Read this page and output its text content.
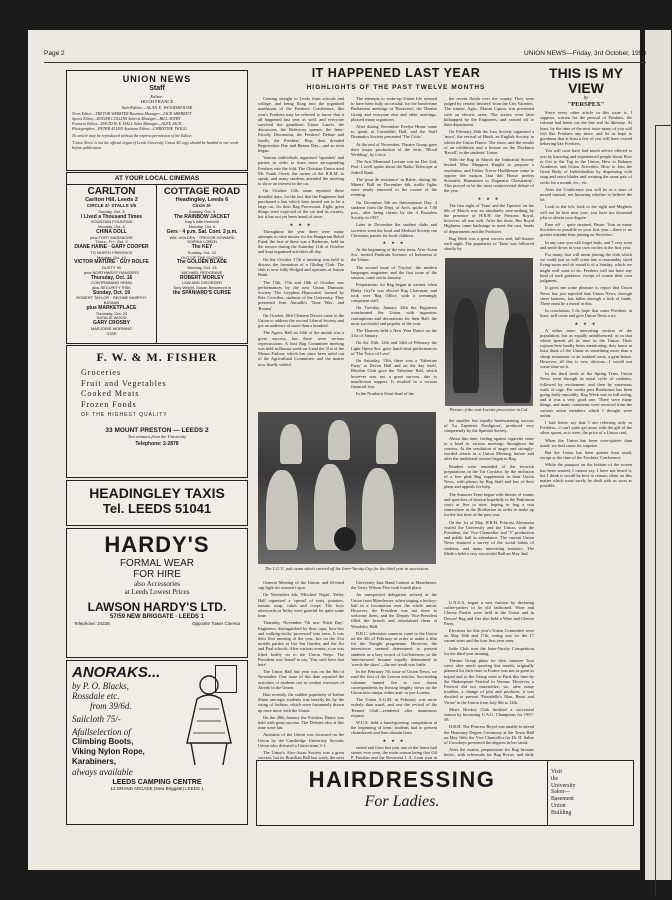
Page 2	UNION NEWS—Friday, 3rd October, 1958
UNION NEWS
Staff
Editor:
HUGH FRANCE
Sub-Editor—ALAN E. WOODHOUSE
News Editor—TREVOR WEBSTER Business Manager—JACK SHERRITT
Sports Editor—ROGER COLLINS Adverts Manager—BILL AVERY
Features Editor—DAVID W. E. HALL Sales Manager—ALEX JACK
Photographer—PETER ALLEN Assistant Editor—CHRISTINE TWIGG
No article may be reproduced without the express permission of the Editor.
'Union News' is not the official organ of Leeds University Union All copy should be handed in one week before publication
AT YOUR LOCAL CINEMAS
CARLTON
Carlton Hill, Leeds 2
CIRCLE 2/- STALLS 1/6
Sunday, Oct. 5
I Lived a Thousand Times
HOUNTAIN FOUNTAIN
Monday, Oct. 6
CHINA DOLL
plus FORT MASSACRE
Thurs., Fri., Oct. 9
DIANE HAINE · GARY COOPER
TO NORTH FREDRICK
Monday, Oct. 13
VICTOR MATURE · GUY ROLFE
DUSTY 90
plus NORTHWEST RANGERS
Thursday, Oct. 16
CONTRABAND SPAIN
plus SECURITY RISK
Sunday, Oct. 19
ROBERT TAYLOR · REGINE MURPHY
BATAAN
plus MARKETPLACE
Thursday, Oct. 23
NATALIE WOOD
GARY CROSBY
MARJORIE MORNING
STAR
COTTAGE ROAD
Headingley, Leeds 6
Circle 3/-
Sunday, Oct. 5
The RAINBOW JACKET
Kay's with Kenneth
Monday, Oct. 6
Gers · 4 p.m. Sat. Cont. 2 p.m.
WM. HOLDEN · TREVOR HOWARD
SOPHIA LOREN
The KEY
Sunday, Oct. 12
OUT OF THE CLOUDS
The GOLDEN BLADE
Monday, Oct. 13
MICHAEL REDGRAVE
ROBERT MORLEY
LAW AND DISORDER
Tony Wright, Susan Beaumont in
the SPANIARD'S CURSE
F. W. & M. FISHER
Groceries
Fruit and Vegetables
Cooked Meats
Frozen Foods
OF THE HIGHEST QUALITY
33 MOUNT PRESTON — LEEDS 2
Two minutes from the University
Telephone: 2-2878
HEADINGLEY TAXIS
Tel. LEEDS 51041
HARDY'S
FORMAL WEAR
FOR HIRE
also Accessories
at Leeds Lowest Prices
LAWSON HARDY'S LTD.
57/59 NEW BRIGGATE · LEEDS 1
Telephone: 24226	Opposite Tower Cinema
ANORAKS...
by P. O. Blacks,
Rossdale etc.
from 39/6d.
Sailcloth 75/-
Afullselection of
Climbing Boots,
Viking Nylon Rope,
Karabiners,
always available
LEEDS CAMPING CENTRE
12 GRAND ARCADE (New Briggate) LEEDS 1
IT HAPPENED LAST YEAR
HIGHLIGHTS OF THE PAST TWELVE MONTHS

Coming straight to Leeds from schools and college, and being flung into the organised maelstrom of the Freshers' Conference, this year's Freshers may be relieved to know that it all happened last year as well, and everyone survived the grandiose Union Lunch, the discussion, the Refectory queues, the Inter-Faculty Discussion, the Freshers' Debate and finally the Freshers' Hop; then dreaded Registration Day and Bazaar Day—and so term began.

Various individuals organised 'squashes' and parties in order to learn more aerosponding Freshers into the fold. The Christian Union used Mr. Frank Owen, the owner of the R.R.M. to speak, and many students attended the meeting to show an interest in the car.

On October 11th came reported those dreadful days, for the fact that the Engineers had purchased a bus which later turned out to be a large car, for their Rag Procession. Eight, great things were expected of the car and its owners, but it has not yet been heard of since.

★ ★ ★

Throughout the year there were many attempts to raise money for the Hungarian Relief Fund; the first of these was a Barbecue, held on the terrace during the Saturday 11th of October and kept organised activities all day.

On the October 17th a meeting was held to discuss the formation of a Gliding Club. The club is now fully-fledged and operates at Sutton Bank.

The 15th, 17th and 18th of October saw performances by the new Union Dramatic Society 'The Gryphon Hypocrites' formed by Pete Crowther, students of the University. They presented Jean Anouilh's 'Time Was', and 'Rooms'.

On October 18th Clement Davies came to the Union to address the second Liberal Society and got an audience of more than a hundred.

The Agrics Ball on 24th of the month was a great success, but there were serious repercussions. A first Rag Committee meeting was held in Bazaar week on 3 and the 31st of the Mount Parlour, which has since been ruled out of the Agricultural Committee, and the matter now finally settled.

The attempts to wake-up Union life seemed to have been fully successful, for the lunch-time Parliament meetings of 'Rosecean', the Theatre Group and everyone else and other meetings, pleased many organisers.

After during November Evelyn Home came to speak at Cavendish Hall, and the Staff Dramatics Society presented 'The Critic'.

At the end of November, Theatre Group gave their major production of the term, 'Blood Wedding', by Lorca.

The Arts Memorial Lecture was on Dec 2nd, Prof. Lovell spoke about the Radio Telescope at Jodrell Bank.

The 'pour de resistance' in Rabie, during the Miners' Ball on December 6th, traffic lights were nearly removed to the course of the evening.

On December 9th an International Day, 4 students from the Dept. of Arch. spoke at 7.00 p.m., after being rhyme by the 4 Pounders Society in 1957.

Later in December the student clubs and societies went the local and Medical Society ran Christmas parties for local children.

★ ★ ★

At the beginning of the new term, Afro-Asian Soc. invited Pandrum Soetarie, of Indonesia to the Union.

The second issue of 'Gryfon', the modern languages magazine, and the first issue of the session, came out in January.

Preparations for Rag began in earnest when Rinky Gryl'n was elected Rag Chairman, and took over Rag Office, with a seemingly competent staff.

On Tuesday, January 24th the Engineers transformed the Union with ingenious contraptions and decorations for their Ball, the most successful and popular of the year.

The Dancers held a New Year Dance on the 31st of January.

On the 10th, 12th and 14th of February the Light Opera Soc. gave lunch-time performances of 'The Voice of Love'.

On Saturday, 15th, there was a 'Valentine Party' at Devon Hall and on the day itself, Rhythm Club gave the Valentine Ball, which however was not a great success, due to insufficient support. It resulted in a serious financial loss.

In the Northern Semi-final of the

the recent floods over the county. They were judged by certain 'invitees' from the City Varieties. The winner, Agric. Martin Lipton, was presented with an electric razor. The sixties were later kidnapped by the Engineers, and carried off to their department.

On February 26th the Law Society organised a 'moot', the revival of Hindi, an English Society in which the Union Dance. The show, and the results of an exhibition and a lecture on the Dockmor 'Recoll', in the students' Union.

With the Rag in March the Industrial Society invited Miss Margaret Knight to propose a resolution, and Father Trevor Huddleston came to oppose the motion 'that this House prefers Scientific Humanism to Dogmatic Christianity'. This proved to be the most controversial debate of the year.

★ ★ ★

The first night of 'Tanu' and the Tiptoers' on the 6th of March was an absolutely awe-striking by the presence of H.R.H. the Princess Royal, however, all was well. After the show, Her Royal Highness came backstage to meet the cast, heads of departments and the Producer.

Rag Week was a great success and, full houses each night. The popularity of 'Tanu' was followed shortly by

Picture of the anti-Loretta procession in Cal.

the smaller, but equally heartwarming success of 'La Zapateria Prodigiosa', produced very competently by the Spanish Society.

About this time, feeling against cigarette came to a head in various meetings throughout the country. At the resolution of anger and strongly-worded retorts in a Union Meeting, before and after the traditional session began in Rag.

Readers were reminded of the feverish preparations in the Tar Corridor, by the inclusion of a free pink Rag supplement in their Union News, with photos by Rag Staff and lots of their plans and appeals for help.

The Summer Term began with threats of exams and speeches of tension hopefully in the Parkinson court at five to nine, hoping to bag a seat somewhere in the Brotherton in order to make up for the last time of the past year.

On the 1st of May, H.R.H. Princess Alexandra visited the University and the Union, with the President, the Vice-Chancellor and 'V' production and public hall in attendance. The current Union News featured a survey of the social habits of students, and many interesting statistics. The Medics held a very successful Ball on May 2nd.

The L.U.U. judo team which carried off the Inter-Varsity Cup for the third year in succession.

General Meeting of the Union, and ill-fated cup fight for women's spot.

On November 4th, 'Mischief Night', Tetley Hall organised a 'spread' of sorts, potatoes, tomato soup, cakes and crisps. The boys afterwards at Tetley were grateful for quite some time.

Thursday, November 7th saw 'Stick Day'. Engineers, distinguished by their caps, bow-ties and walking-sticks 'processed' into town. It was their first meeting of the year, fire on the 31st mobile parties at Gre Sin Garden, and the Art and Paul schools. After various events, a car was lifted bodily on to the Union Steps. The President was 'found' to say, 'You can't have that here'.

The Union Ball last year was on the 8th of November. One issue of this date reported the activities of students out in combat exercises of Airedo in the Union.

Hair recently, the sudden popularity of Italian Shirts amongst students was heavily hit by the rising of fashion, which were fortunately drawn up once more with the Union.

On the 28th January the Freshers Dance was held with great success. The Debates also at this time were fair.

Attention of the Union was focussed on the Union by the Cambridge University Socratic Union who defeated a Union team 3-1.

The Union's Afro-Asian Society was a great success, but its Brazilian Ball last week, the next

University Jazz Band Contest at Manchester, the Gerry Wilson Five took fourth place.

An unexpected delegation arrived at the Union from Manchester, when staging a hockey-ball in a locomotion over the whole union. However, the President was not there to welcome them, and the Deputy Vice-President filled the breach and entertained them at Woodsley Hall.

B.B.C. television cameras came to the Union on the 4th of February in order to make a film for the Tonight programme. However, the interviewer seemed determined to present students as a lazy crowd of Cat-listeners, so the 'interviewees' became equally determined to 'wreck the show'—the net result was futile.

In the February 7th issue of Union News, we read the first of the Leeson articles. Succeeding columns fanned fire to two dozen correspondents by leaving lengthy views on the Union into camps, either anti- or pro-Loretta.

The Union A.G.M. in February was more orderly than usual, and saw the revival of the 'Kennel Club'—rendered, after unanimous request.

W.U.S. held a hand-growing competition at the beginning of term; students had to present cleanshaven and then abstain from

★ ★ ★

ended and from last year one of the finest hail stones ever seen, the main reason being that Gil P. Finisher and the Reverend J. A. Lean won in

U.N.S.A. began a new fashion by declaring coffee-parties to be old fashioned. Wine and Cheese Parties were held in the Union and in Devon! Rag and Ger also held a Wine and Cheese Party.

Elections for this year's Union Committee were on May 16th and 17th, voting was for the 17 vacant seats and the four first year ones.

Indie Club won the Inter-Varsity Competition for the third year running.

Theatre Group plans for their summer Tour were, after much sporting this month, originally planned for their time in France was not as great as hoped and so the Group went to Paris this time by the Shakespeare Festival in Verona; 'However, a Festival did not materialize; we, after many troubles, a change of plot and producer, it was decided to present 'Pirandello's Man, Beast and Virtue' in the Union from July 8th to 12th.

Men's Hockey Club finished a successful season by becoming U.A.U. Champions for 1957-58.

H.R.H. The Princess Royal was unable to attend the Honorary Degree Ceremony at the Town Hall on May 16th; the Vice Chancellor for Dr. H. Salter of Crosskeys presented the degrees in her stead.

After the exams, preparations for Rag became hectic, with rehearsals for Rag Revue, and daily

THIS IS MY
VIEW
by
"PERSPEX"

Since every other article in this issue is, I suppose, written for the perusal of Freshers, the column had better toe the line and do likewise. At least, by the time of the next issue many of you will feel like Freshers any more, and let us hope to goodness that at least a few of you will have ceased behaving like Freshers.

You will soon have had much advice offered to you by knowing and experienced people about How to Get to the Top in the Union, How to Balance Academic and Union Activities, How to Join the Great Body of Individualists by dispensing with soap and razor blades and wearing the same pair of socks for a month, etc., etc.

After the Conference you will be in a state of mixed turmoil, not knowing whether to believe the lot.

Look to the left, look to the right and Meghers will not be here next year; you have me thousand jobs to obtain your degree.

Ease off ... quite strained. Pause. 'Join as many Societies as possible in your first year—there is no greater mistake than joining no Societies.'

In any case you will forget both, and 'I very soon and settle down in your own circles in the first year.

For many, that will mean joining the club which we could just as well cram into a reasonably sized living-room and sit round it of a Sunday, which we might well want to do. Freshers will not have any kind of such guidance, except of course their own judgment.

It gives me some pleasure to report that Union News has just reported that Union News, through sheer laziness, has fallen through a lack of funds. There must be a moral in this.

In conclusion, I do hope that some Freshers, at least, will come and give Union News a try.

★ ★ ★

A rather more interesting section of the population, but as equally uninfluenced, as in that which spends all its time in the Union. Their sojourn here hardly bears mentioning; they know at least think of the Union as something more than a cheap restaurant, or an isolated oasis, a gym-house. However, all this is very obvious—I would not waste time on it.

In the third week of the Spring Term, Union News went through its usual cycle of coolness, followed by excitement, and then by enormous wails of rage. For weeks past Brotherton has been going fairly smoothly. Rag Week was in full swing, and it was a very good one. There were many things, and many comments were received from the various union members which I thought were unfair.

I had better say that I am referring only to Freshers—I can't quite get away with the gift of the silver spoon, as it were, the price of a Union card.

When the Union has been over-quieter than usual, we find cause for surprise.

But the Union has been quieter than usual, except at the time of the Freshers' Conference.

While the passport on the bottom of the screen has been wasted, I cannot say, I have not heard it, but I think it would be best to remain silent on this matter which must surely be dealt with as soon as possible.

HAIRDRESSING
For Ladies.
Visit
the
University
Salon—
Basement
Union
Building
